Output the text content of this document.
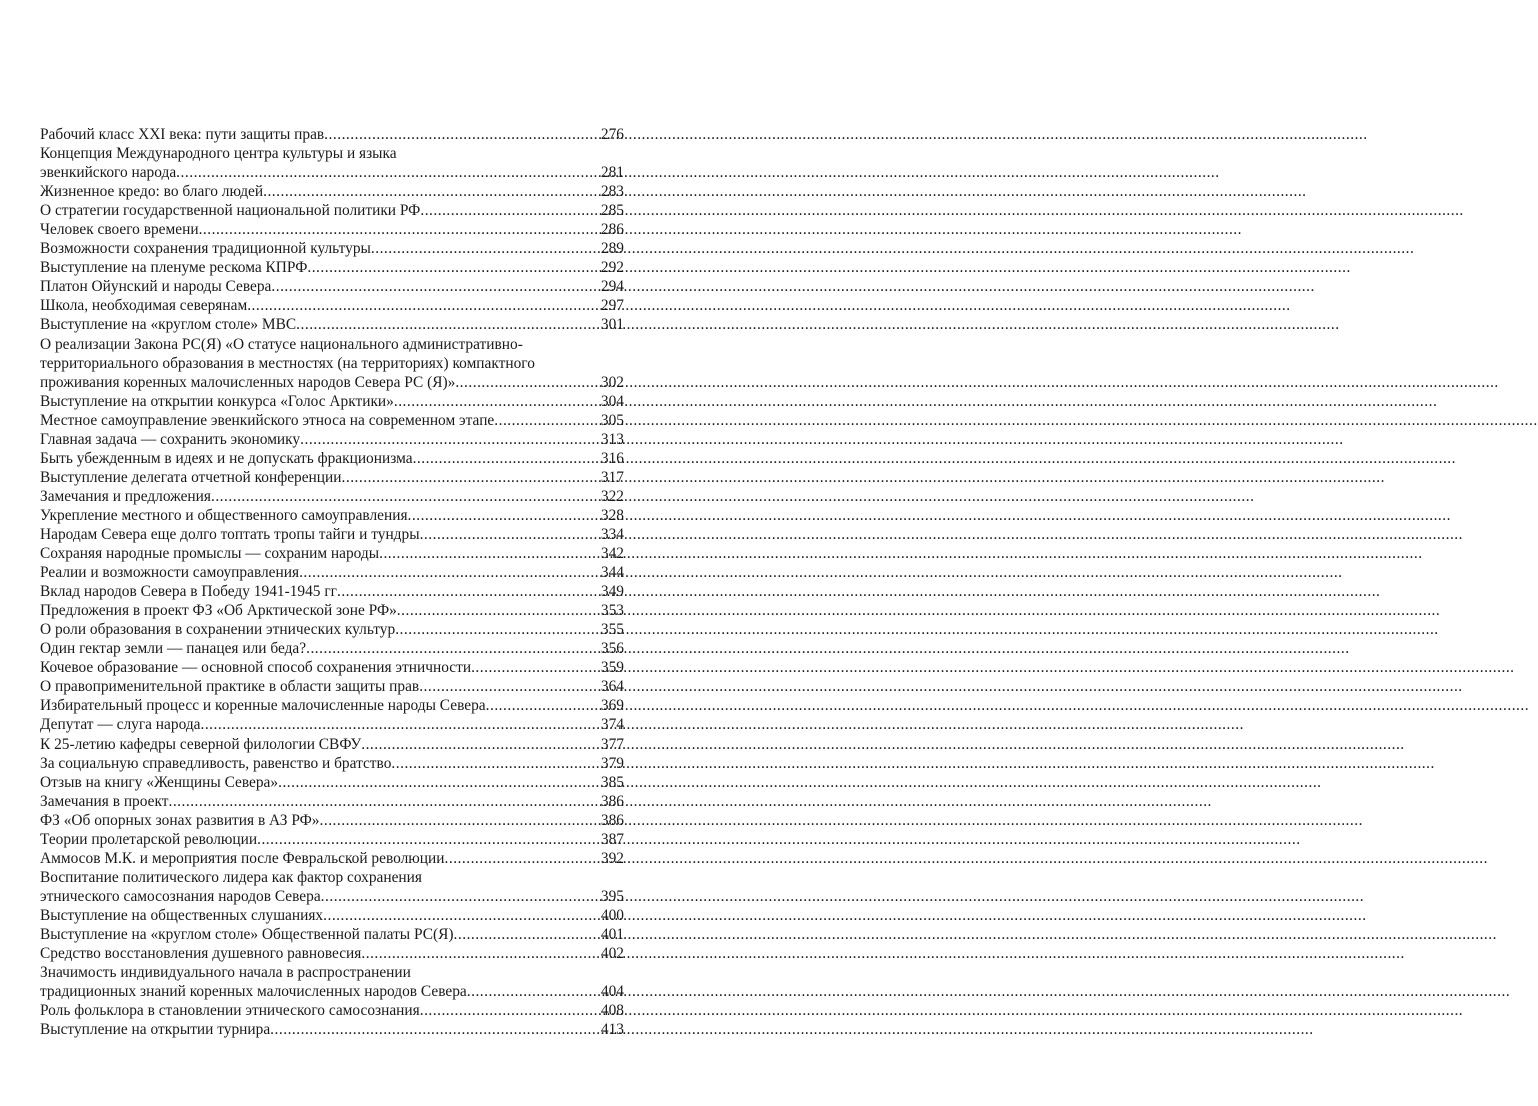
Рабочий класс XXI века: пути защиты прав .....	276
Концепция Международного центра культуры и языка
эвенкийского народа .....	281
Жизненное кредо: во благо людей .....	283
О стратегии государственной национальной политики РФ .....	285
Человек своего времени .....	286
Возможности сохранения традиционной культуры .....	289
Выступление на пленуме рескома КПРФ .....	292
Платон Ойунский и народы Севера .....	294
Школа, необходимая северянам .....	297
Выступление на «круглом столе» МВС .....	301
О реализации Закона РС(Я) «О статусе национального административно-
территориального образования в местностях (на территориях) компактного
проживания коренных малочисленных народов Севера РС (Я)» .....	302
Выступление на открытии конкурса «Голос Арктики» .....	304
Местное самоуправление эвенкийского этноса на современном этапе .....	305
Главная задача — сохранить экономику .....	313
Быть убежденным в идеях и не допускать фракционизма .....	316
Выступление делегата отчетной конференции .....	317
Замечания и предложения .....	322
Укрепление местного и общественного самоуправления .....	328
Народам Севера еще долго топтать тропы тайги и тундры .....	334
Сохраняя народные промыслы — сохраним народы .....	342
Реалии и возможности самоуправления .....	344
Вклад народов Севера в Победу 1941-1945 гг .....	349
Предложения в проект ФЗ «Об Арктической зоне РФ» .....	353
О роли образования в сохранении этнических культур .....	355
Один гектар земли — панацея или беда? .....	356
Кочевое образование — основной способ сохранения этничности .....	359
О правоприменительной практике в области защиты прав .....	364
Избирательный процесс и коренные малочисленные народы Севера .....	369
Депутат — слуга народа .....	374
К 25-летию кафедры северной филологии СВФУ .....	377
За социальную справедливость, равенство и братство .....	379
Отзыв на книгу «Женщины Севера» .....	385
Замечания в проект .....	386
ФЗ «Об опорных зонах развития в АЗ РФ» .....	386
Теории пролетарской революции .....	387
Аммосов М.К. и мероприятия после Февральской революции .....	392
Воспитание политического лидера как фактор сохранения
этнического самосознания народов Севера .....	395
Выступление на общественных слушаниях .....	400
Выступление на «круглом столе» Общественной палаты РС(Я) .....	401
Средство восстановления душевного равновесия .....	402
Значимость индивидуального начала в распространении
традиционных знаний коренных малочисленных народов Севера .....	404
Роль фольклора в становлении этнического самосознания .....	408
Выступление на открытии турнира .....	413
